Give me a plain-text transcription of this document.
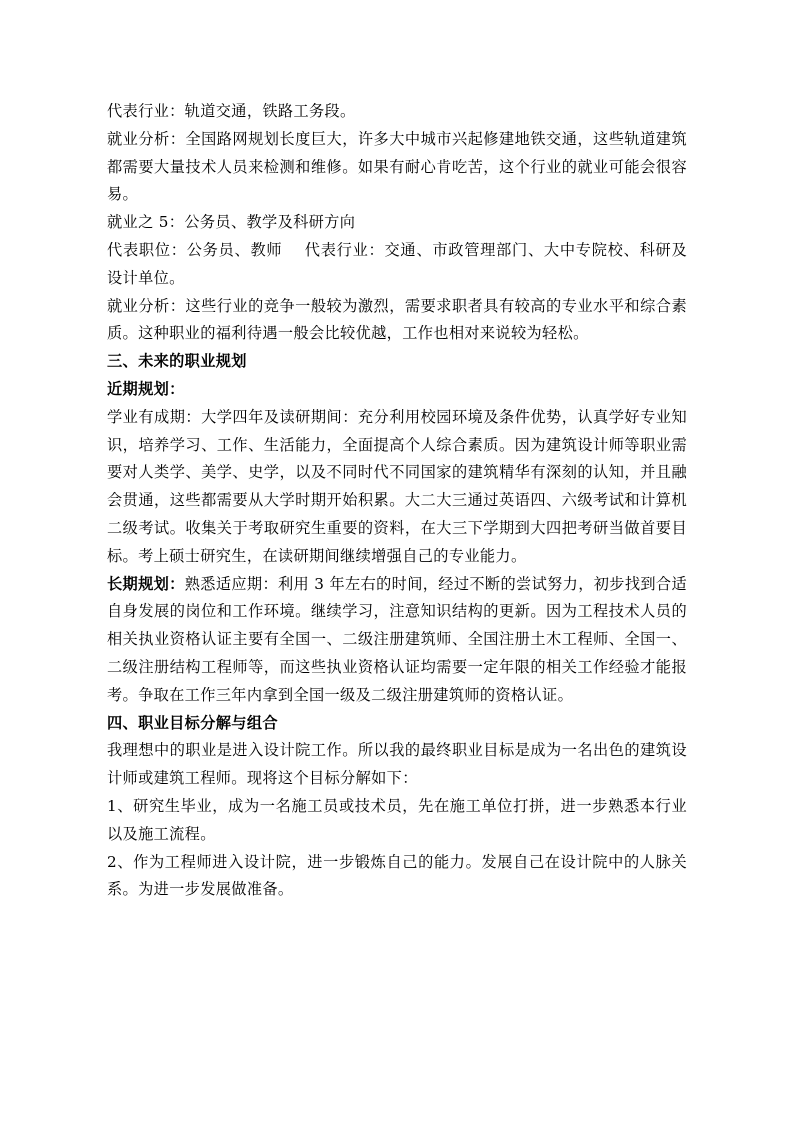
代表行业：轨道交通，铁路工务段。

就业分析：全国路网规划长度巨大，许多大中城市兴起修建地铁交通，这些轨道建筑都需要大量技术人员来检测和维修。如果有耐心肯吃苦，这个行业的就业可能会很容易。

就业之 5：公务员、教学及科研方向

代表职位：公务员、教师 代表行业：交通、市政管理部门、大中专院校、科研及设计单位。

就业分析：这些行业的竞争一般较为激烈，需要求职者具有较高的专业水平和综合素质。这种职业的福利待遇一般会比较优越，工作也相对来说较为轻松。

三、未来的职业规划

近期规划：

学业有成期：大学四年及读研期间：充分利用校园环境及条件优势，认真学好专业知识，培养学习、工作、生活能力，全面提高个人综合素质。因为建筑设计师等职业需要对人类学、美学、史学，以及不同时代不同国家的建筑精华有深刻的认知，并且融会贯通，这些都需要从大学时期开始积累。大二大三通过英语四、六级考试和计算机二级考试。收集关于考取研究生重要的资料，在大三下学期到大四把考研当做首要目标。考上硕士研究生，在读研期间继续增强自己的专业能力。

长期规划：熟悉适应期：利用 3 年左右的时间，经过不断的尝试努力，初步找到合适自身发展的岗位和工作环境。继续学习，注意知识结构的更新。因为工程技术人员的相关执业资格认证主要有全国一、二级注册建筑师、全国注册土木工程师、全国一、二级注册结构工程师等，而这些执业资格认证均需要一定年限的相关工作经验才能报考。争取在工作三年内拿到全国一级及二级注册建筑师的资格认证。

四、职业目标分解与组合

我理想中的职业是进入设计院工作。所以我的最终职业目标是成为一名出色的建筑设计师或建筑工程师。现将这个目标分解如下：

1、研究生毕业，成为一名施工员或技术员，先在施工单位打拼，进一步熟悉本行业以及施工流程。

2、作为工程师进入设计院，进一步锻炼自己的能力。发展自己在设计院中的人脉关系。为进一步发展做准备。
